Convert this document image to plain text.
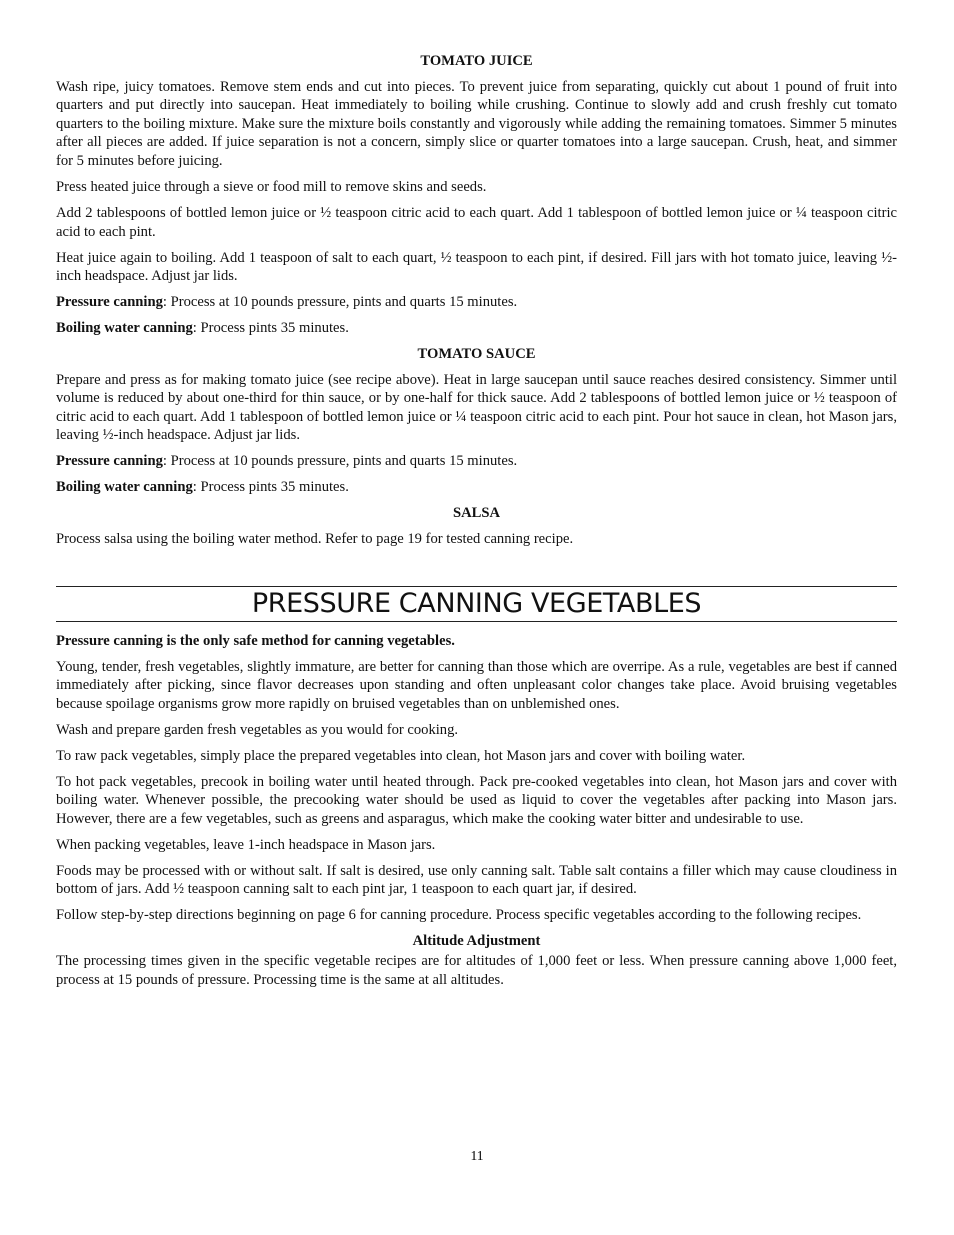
TOMATO JUICE

Wash ripe, juicy tomatoes. Remove stem ends and cut into pieces. To prevent juice from separating, quickly cut about 1 pound of fruit into quarters and put directly into saucepan. Heat immediately to boiling while crushing. Continue to slowly add and crush freshly cut tomato quarters to the boiling mixture. Make sure the mixture boils constantly and vigorously while adding the remaining tomatoes. Simmer 5 minutes after all pieces are added. If juice separation is not a concern, simply slice or quarter tomatoes into a large saucepan. Crush, heat, and simmer for 5 minutes before juicing.

Press heated juice through a sieve or food mill to remove skins and seeds.

Add 2 tablespoons of bottled lemon juice or ½ teaspoon citric acid to each quart. Add 1 tablespoon of bottled lemon juice or ¼ teaspoon citric acid to each pint.

Heat juice again to boiling. Add 1 teaspoon of salt to each quart, ½ teaspoon to each pint, if desired. Fill jars with hot tomato juice, leaving ½-inch headspace. Adjust jar lids.

Pressure canning: Process at 10 pounds pressure, pints and quarts 15 minutes.

Boiling water canning: Process pints 35 minutes.

TOMATO SAUCE

Prepare and press as for making tomato juice (see recipe above). Heat in large saucepan until sauce reaches desired consistency. Simmer until volume is reduced by about one-third for thin sauce, or by one-half for thick sauce. Add 2 tablespoons of bottled lemon juice or ½ teaspoon of citric acid to each quart. Add 1 tablespoon of bottled lemon juice or ¼ teaspoon citric acid to each pint. Pour hot sauce in clean, hot Mason jars, leaving ½-inch headspace. Adjust jar lids.

Pressure canning: Process at 10 pounds pressure, pints and quarts 15 minutes.

Boiling water canning: Process pints 35 minutes.

SALSA

Process salsa using the boiling water method. Refer to page 19 for tested canning recipe.

PRESSURE CANNING VEGETABLES

Pressure canning is the only safe method for canning vegetables.

Young, tender, fresh vegetables, slightly immature, are better for canning than those which are overripe. As a rule, vegetables are best if canned immediately after picking, since flavor decreases upon standing and often unpleasant color changes take place. Avoid bruising vegetables because spoilage organisms grow more rapidly on bruised vegetables than on unblemished ones.

Wash and prepare garden fresh vegetables as you would for cooking.

To raw pack vegetables, simply place the prepared vegetables into clean, hot Mason jars and cover with boiling water.

To hot pack vegetables, precook in boiling water until heated through. Pack pre-cooked vegetables into clean, hot Mason jars and cover with boiling water. Whenever possible, the precooking water should be used as liquid to cover the vegetables after packing into Mason jars. However, there are a few vegetables, such as greens and asparagus, which make the cooking water bitter and undesirable to use.

When packing vegetables, leave 1-inch headspace in Mason jars.

Foods may be processed with or without salt. If salt is desired, use only canning salt. Table salt contains a filler which may cause cloudiness in bottom of jars. Add ½ teaspoon canning salt to each pint jar, 1 teaspoon to each quart jar, if desired.

Follow step-by-step directions beginning on page 6 for canning procedure. Process specific vegetables according to the following recipes.

Altitude Adjustment

The processing times given in the specific vegetable recipes are for altitudes of 1,000 feet or less. When pressure canning above 1,000 feet, process at 15 pounds of pressure. Processing time is the same at all altitudes.

11
